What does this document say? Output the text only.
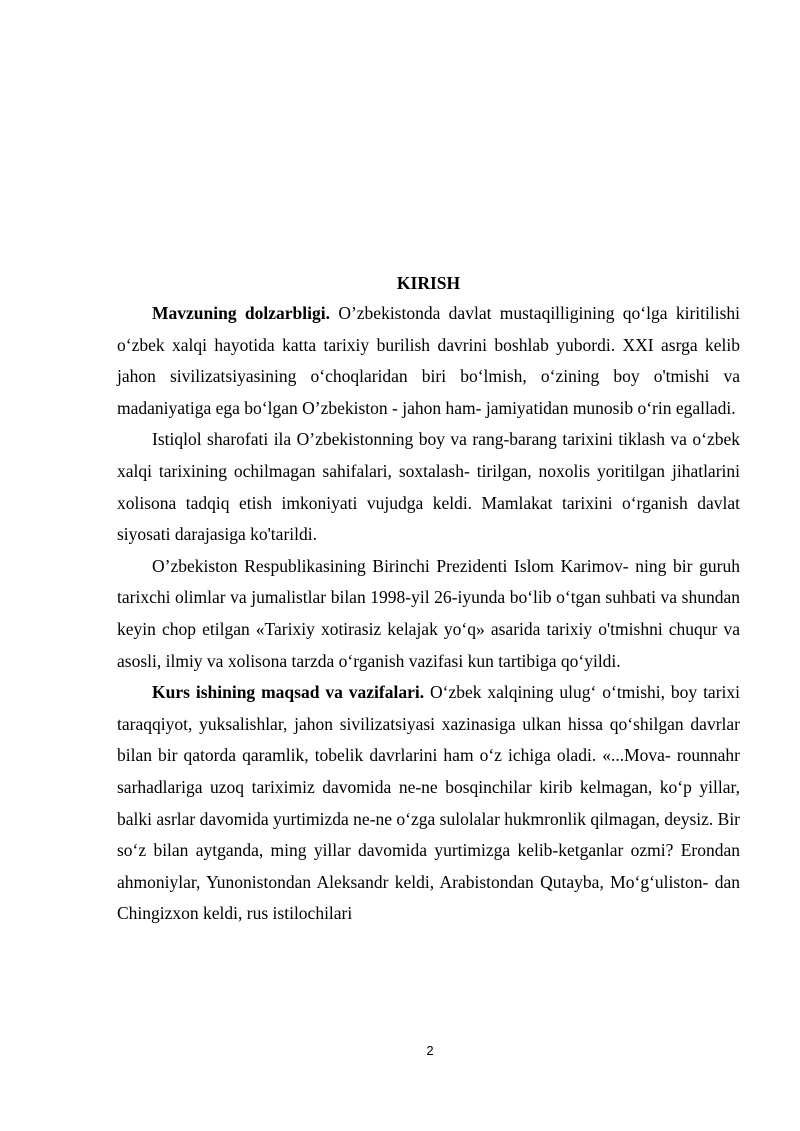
KIRISH

Mavzuning dolzarbligi. O’zbekistonda davlat mustaqilligining qo‘lga kiritilishi o‘zbek xalqi hayotida katta tarixiy burilish davrini boshlab yubordi. XXI asrga kelib jahon sivilizatsiyasining o‘choqlaridan biri bo‘lmish, o‘zining boy o'tmishi va madaniyatiga ega bo‘lgan O’zbekiston - jahon ham- jamiyatidan munosib o‘rin egalladi.

Istiqlol sharofati ila O’zbekistonning boy va rang-barang tarixini tiklash va o‘zbek xalqi tarixining ochilmagan sahifalari, soxtalash- tirilgan, noxolis yoritilgan jihatlarini xolisona tadqiq etish imkoniyati vujudga keldi. Mamlakat tarixini o‘rganish davlat siyosati darajasiga ko'tarildi.

O’zbekiston Respublikasining Birinchi Prezidenti Islom Karimov- ning bir guruh tarixchi olimlar va jumalistlar bilan 1998-yil 26-iyunda bo‘lib o‘tgan suhbati va shundan keyin chop etilgan «Tarixiy xotirasiz kelajak yo‘q» asarida tarixiy o'tmishni chuqur va asosli, ilmiy va xolisona tarzda o‘rganish vazifasi kun tartibiga qo‘yildi.

Kurs ishining maqsad va vazifalari. O‘zbek xalqining ulug‘ o‘tmishi, boy tarixi taraqqiyot, yuksalishlar, jahon sivilizatsiyasi xazinasiga ulkan hissa qo‘shilgan davrlar bilan bir qatorda qaramlik, tobelik davrlarini ham o‘z ichiga oladi. «...Mova- rounnahr sarhadlariga uzoq tariximiz davomida ne-ne bosqinchilar kirib kelmagan, ko‘p yillar, balki asrlar davomida yurtimizda ne-ne o‘zga sulolalar hukmronlik qilmagan, deysiz. Bir so‘z bilan aytganda, ming yillar davomida yurtimizga kelib-ketganlar ozmi? Erondan ahmoniylar, Yunonistondan Aleksandr keldi, Arabistondan Qutayba, Mo‘g‘uliston- dan Chingizxon keldi, rus istilochilari

2
